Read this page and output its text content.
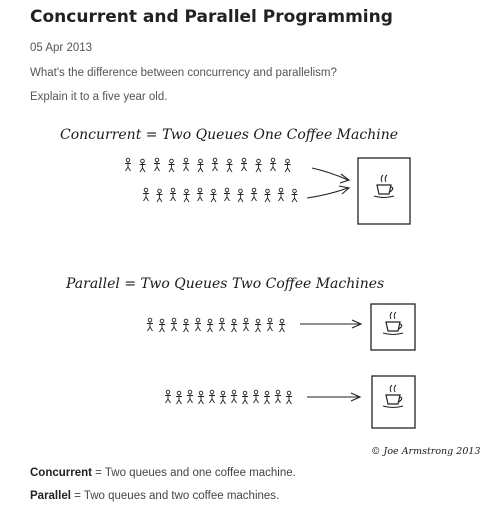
Concurrent and Parallel Programming
05 Apr 2013
What's the difference between concurrency and parallelism?
Explain it to a five year old.
Concurrent = Two Queues One Coffee Machine
Parallel = Two Queues Two Coffee Machines
© Joe Armstrong 2013
Concurrent = Two queues and one coffee machine.
Parallel = Two queues and two coffee machines.
